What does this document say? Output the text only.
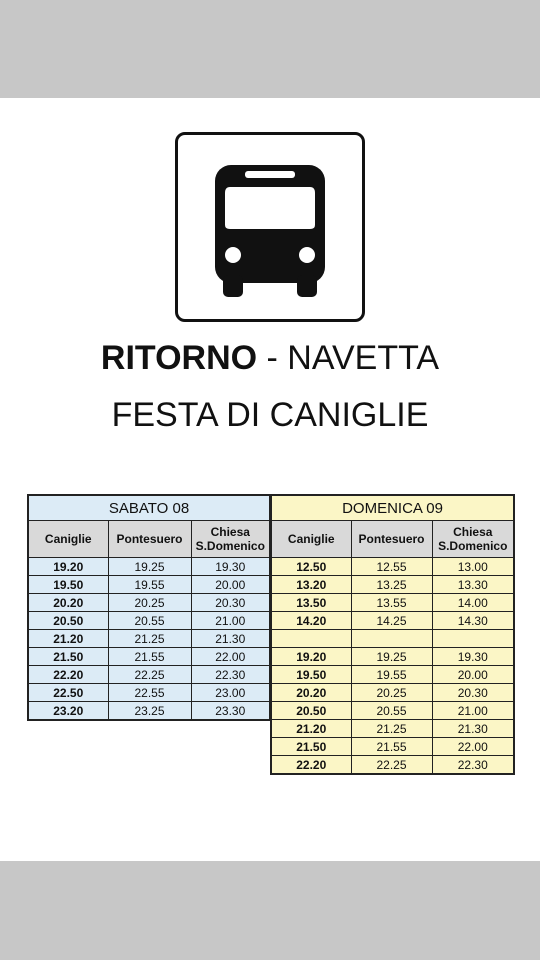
RITORNO - NAVETTA
FESTA DI CANIGLIE
SABATO 08		
Caniglie	Pontesuero	Chiesa S.Domenico
19.20	19.25	19.30
19.50	19.55	20.00
20.20	20.25	20.30
20.50	20.55	21.00
21.20	21.25	21.30
21.50	21.55	22.00
22.20	22.25	22.30
22.50	22.55	23.00
23.20	23.25	23.30
DOMENICA 09		
Caniglie	Pontesuero	Chiesa S.Domenico
12.50	12.55	13.00
13.20	13.25	13.30
13.50	13.55	14.00
14.20	14.25	14.30

19.20	19.25	19.30
19.50	19.55	20.00
20.20	20.25	20.30
20.50	20.55	21.00
21.20	21.25	21.30
21.50	21.55	22.00
22.20	22.25	22.30
